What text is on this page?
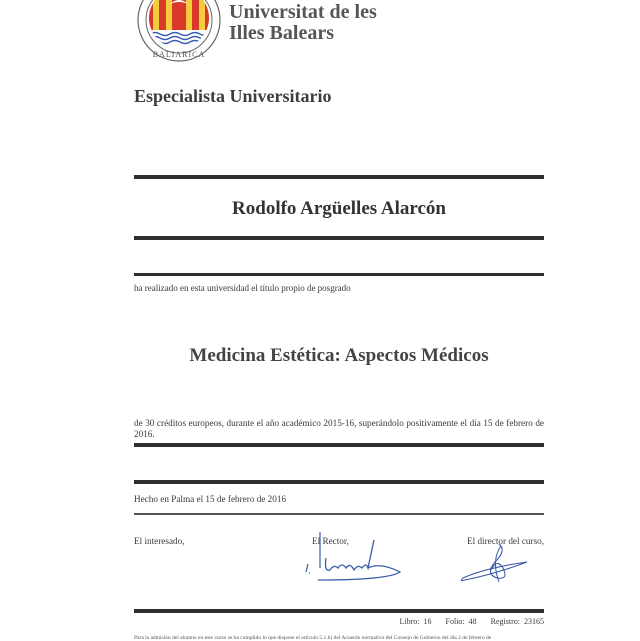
BALIARICA
Universitat de les
Illes Balears
Especialista Universitario
Rodolfo Argüelles Alarcón
ha realizado en esta universidad el título propio de posgrado
Medicina Estética: Aspectos Médicos
de 30 créditos europeos, durante el año académico 2015-16, superándolo positivamente el día 15 de febrero de 2016.
Hecho en Palma el 15 de febrero de 2016
El interesado,	El Rector,	El director del curso,
Libro: 16 Folio: 48 Registro: 23165
Para la admisión del alumno en este curso se ha cumplido lo que dispone el artículo 5.1.b) del Acuerdo normativo del Consejo de Gobierno del día 2 de febrero de
